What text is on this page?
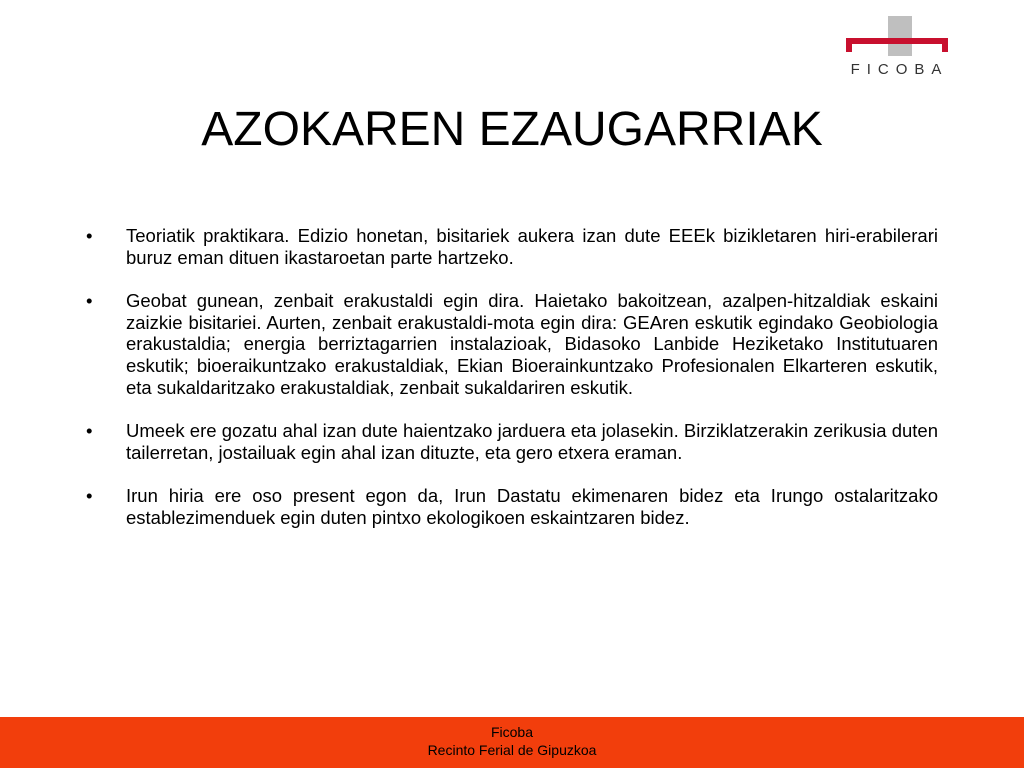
FICOBA
AZOKAREN EZAUGARRIAK
• Teoriatik praktikara. Edizio honetan, bisitariek aukera izan dute EEEk bizikletaren hiri-erabilerari buruz eman dituen ikastaroetan parte hartzeko.
• Geobat gunean, zenbait erakustaldi egin dira. Haietako bakoitzean, azalpen-hitzaldiak eskaini zaizkie bisitariei. Aurten, zenbait erakustaldi-mota egin dira: GEAren eskutik egindako Geobiologia erakustaldia; energia berriztagarrien instalazioak, Bidasoko Lanbide Heziketako Institutuaren eskutik; bioeraikuntzako erakustaldiak, Ekian Bioerainkuntzako Profesionalen Elkarteren eskutik, eta sukaldaritzako erakustaldiak, zenbait sukaldariren eskutik.
• Umeek ere gozatu ahal izan dute haientzako jarduera eta jolasekin. Birziklatzerakin zerikusia duten tailerretan, jostailuak egin ahal izan dituzte, eta gero etxera eraman.
• Irun hiria ere oso present egon da, Irun Dastatu ekimenaren bidez eta Irungo ostalaritzako establezimenduek egin duten pintxo ekologikoen eskaintzaren bidez.
Ficoba
Recinto Ferial de Gipuzkoa
